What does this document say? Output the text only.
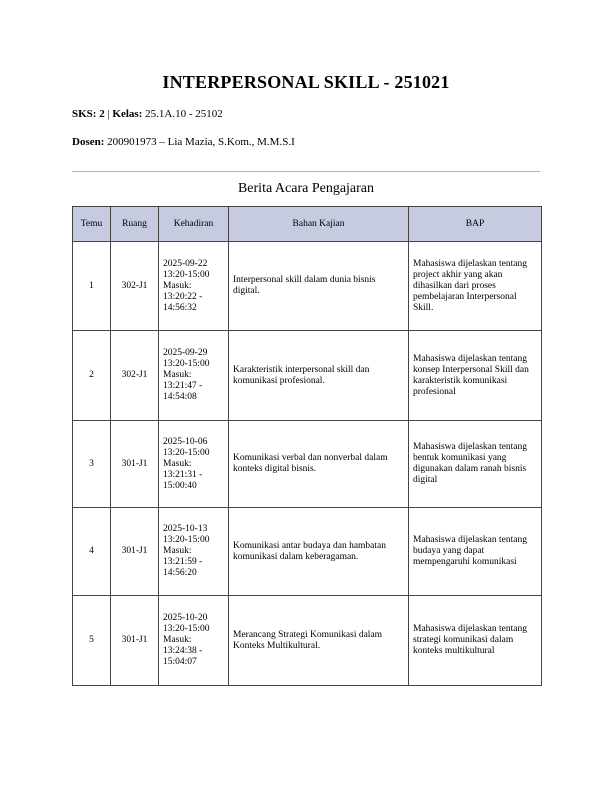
INTERPERSONAL SKILL - 251021
SKS: 2 | Kelas: 25.1A.10 - 25102
Dosen: 200901973 – Lia Mazia, S.Kom., M.M.S.I
Berita Acara Pengajaran
Temu	Ruang	Kehadiran	Bahan Kajian	BAP
1	302-J1	2025-09-22
13:20-15:00
Masuk:
13:20:22 -
14:56:32	Interpersonal skill dalam dunia bisnis digital.	Mahasiswa dijelaskan tentang project akhir yang akan dihasilkan dari proses pembelajaran Interpersonal Skill.
2	302-J1	2025-09-29
13:20-15:00
Masuk:
13:21:47 -
14:54:08	Karakteristik interpersonal skill dan komunikasi profesional.	Mahasiswa dijelaskan tentang konsep Interpersonal Skill dan karakteristik komunikasi profesional
3	301-J1	2025-10-06
13:20-15:00
Masuk:
13:21:31 -
15:00:40	Komunikasi verbal dan nonverbal dalam konteks digital bisnis.	Mahasiswa dijelaskan tentang bentuk komunikasi yang digunakan dalam ranah bisnis digital
4	301-J1	2025-10-13
13:20-15:00
Masuk:
13:21:59 -
14:56:20	Komunikasi antar budaya dan hambatan komunikasi dalam keberagaman.	Mahasiswa dijelaskan tentang budaya yang dapat mempengaruhi komunikasi
5	301-J1	2025-10-20
13:20-15:00
Masuk:
13:24:38 -
15:04:07	Merancang Strategi Komunikasi dalam Konteks Multikultural.	Mahasiswa dijelaskan tentang strategi komunikasi dalam konteks multikultural
